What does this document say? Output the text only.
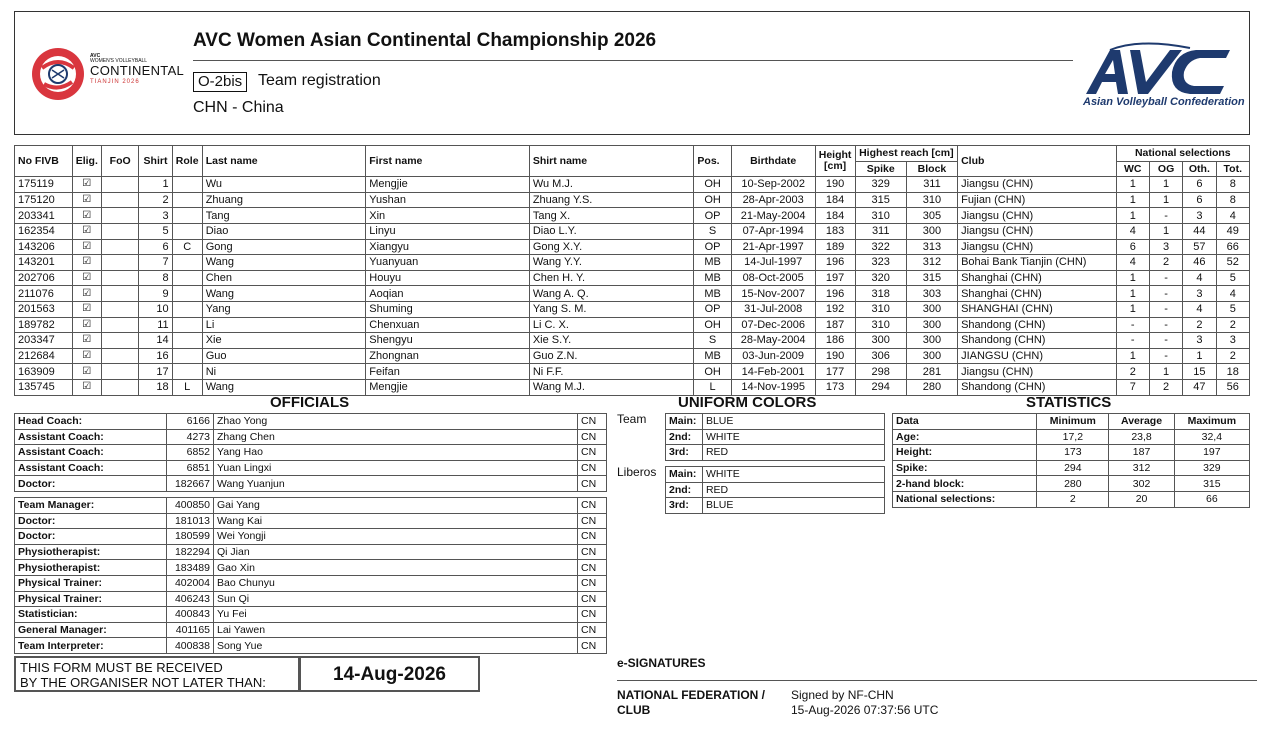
AVC
WOMEN'S VOLLEYBALL
CONTINENTAL
TIANJIN 2026
AVC Women Asian Continental Championship 2026
O-2bis Team registration
CHN - China	Asian Volleyball Confederation
No FIVB	Elig.	FoO	Shirt	Role	Last name	First name	Shirt name	Pos.	Birthdate	Height [cm]	Highest reach [cm]		Club	National selections			
											Spike	Block		WC	OG	Oth.	Tot.
175119	☑		1		Wu	Mengjie	Wu M.J.	OH	10-Sep-2002	190	329	311	Jiangsu (CHN)	1	1	6	8
175120	☑		2		Zhuang	Yushan	Zhuang Y.S.	OH	28-Apr-2003	184	315	310	Fujian (CHN)	1	1	6	8
203341	☑		3		Tang	Xin	Tang X.	OP	21-May-2004	184	310	305	Jiangsu (CHN)	1	-	3	4
162354	☑		5		Diao	Linyu	Diao L.Y.	S	07-Apr-1994	183	311	300	Jiangsu (CHN)	4	1	44	49
143206	☑		6	C	Gong	Xiangyu	Gong X.Y.	OP	21-Apr-1997	189	322	313	Jiangsu (CHN)	6	3	57	66
143201	☑		7		Wang	Yuanyuan	Wang Y.Y.	MB	14-Jul-1997	196	323	312	Bohai Bank Tianjin (CHN)	4	2	46	52
202706	☑		8		Chen	Houyu	Chen H. Y.	MB	08-Oct-2005	197	320	315	Shanghai (CHN)	1	-	4	5
211076	☑		9		Wang	Aoqian	Wang A. Q.	MB	15-Nov-2007	196	318	303	Shanghai (CHN)	1	-	3	4
201563	☑		10		Yang	Shuming	Yang S. M.	OP	31-Jul-2008	192	310	300	SHANGHAI (CHN)	1	-	4	5
189782	☑		11		Li	Chenxuan	Li C. X.	OH	07-Dec-2006	187	310	300	Shandong (CHN)	-	-	2	2
203347	☑		14		Xie	Shengyu	Xie S.Y.	S	28-May-2004	186	300	300	Shandong (CHN)	-	-	3	3
212684	☑		16		Guo	Zhongnan	Guo Z.N.	MB	03-Jun-2009	190	306	300	JIANGSU (CHN)	1	-	1	2
163909	☑		17		Ni	Feifan	Ni F.F.	OH	14-Feb-2001	177	298	281	Jiangsu (CHN)	2	1	15	18
135745	☑		18	L	Wang	Mengjie	Wang M.J.	L	14-Nov-1995	173	294	280	Shandong (CHN)	7	2	47	56
OFFICIALS
Head Coach:	6166	Zhao Yong	CN
Assistant Coach:	4273	Zhang Chen	CN
Assistant Coach:	6852	Yang Hao	CN
Assistant Coach:	6851	Yuan Lingxi	CN
Doctor:	182667	Wang Yuanjun	CN
Team Manager:	400850	Gai Yang	CN
Doctor:	181013	Wang Kai	CN
Doctor:	180599	Wei Yongji	CN
Physiotherapist:	182294	Qi Jian	CN
Physiotherapist:	183489	Gao Xin	CN
Physical Trainer:	402004	Bao Chunyu	CN
Physical Trainer:	406243	Sun Qi	CN
Statistician:	400843	Yu Fei	CN
General Manager:	401165	Lai Yawen	CN
Team Interpreter:	400838	Song Yue	CN
UNIFORM COLORS
Team Main:	BLUE
2nd:	WHITE
3rd:	RED
Liberos Main:	WHITE
2nd:	RED
3rd:	BLUE
STATISTICS
Data	Minimum	Average	Maximum
Age:	17,2	23,8	32,4
Height:	173	187	197
Spike:	294	312	329
2-hand block:	280	302	315
National selections:	2	20	66
THIS FORM MUST BE RECEIVED
BY THE ORGANISER NOT LATER THAN:	14-Aug-2026
e-SIGNATURES
NATIONAL FEDERATION /
CLUB
Signed by NF-CHN
15-Aug-2026 07:37:56 UTC
